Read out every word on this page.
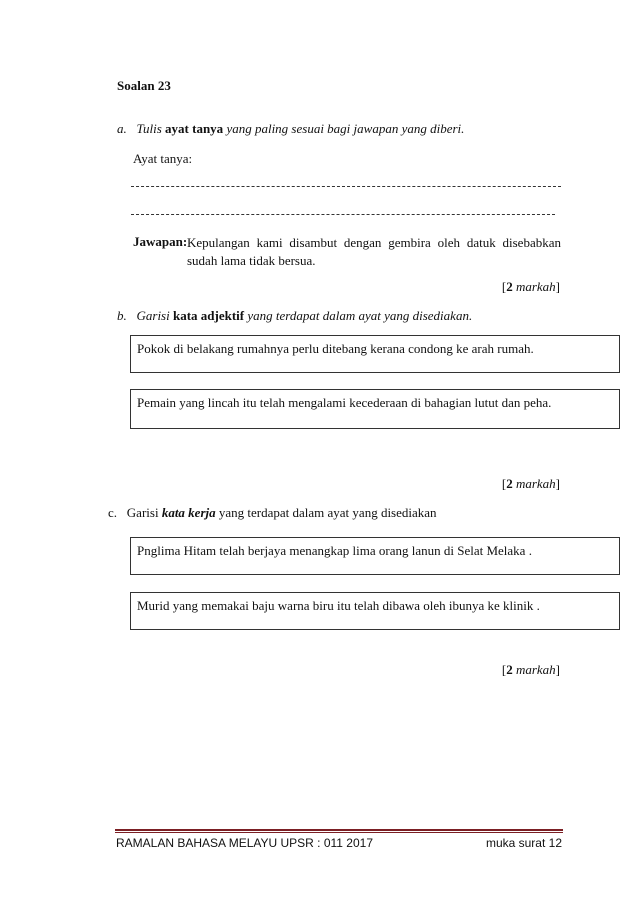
Soalan 23
a. Tulis ayat tanya yang paling sesuai bagi jawapan yang diberi.
Ayat tanya:
Jawapan: Kepulangan kami disambut dengan gembira oleh datuk disebabkan sudah lama tidak bersua.
[2 markah]
b. Garisi kata adjektif yang terdapat dalam ayat yang disediakan.
Pokok di belakang rumahnya perlu ditebang kerana condong ke arah rumah.
Pemain yang lincah itu telah mengalami kecederaan di bahagian lutut dan peha.
[2 markah]
c. Garisi kata kerja yang terdapat dalam ayat yang disediakan
Pnglima Hitam telah berjaya menangkap lima orang lanun di Selat Melaka .
Murid yang memakai baju warna biru itu telah dibawa oleh ibunya ke klinik .
[2 markah]
RAMALAN BAHASA MELAYU UPSR : 011 2017	muka surat 12
